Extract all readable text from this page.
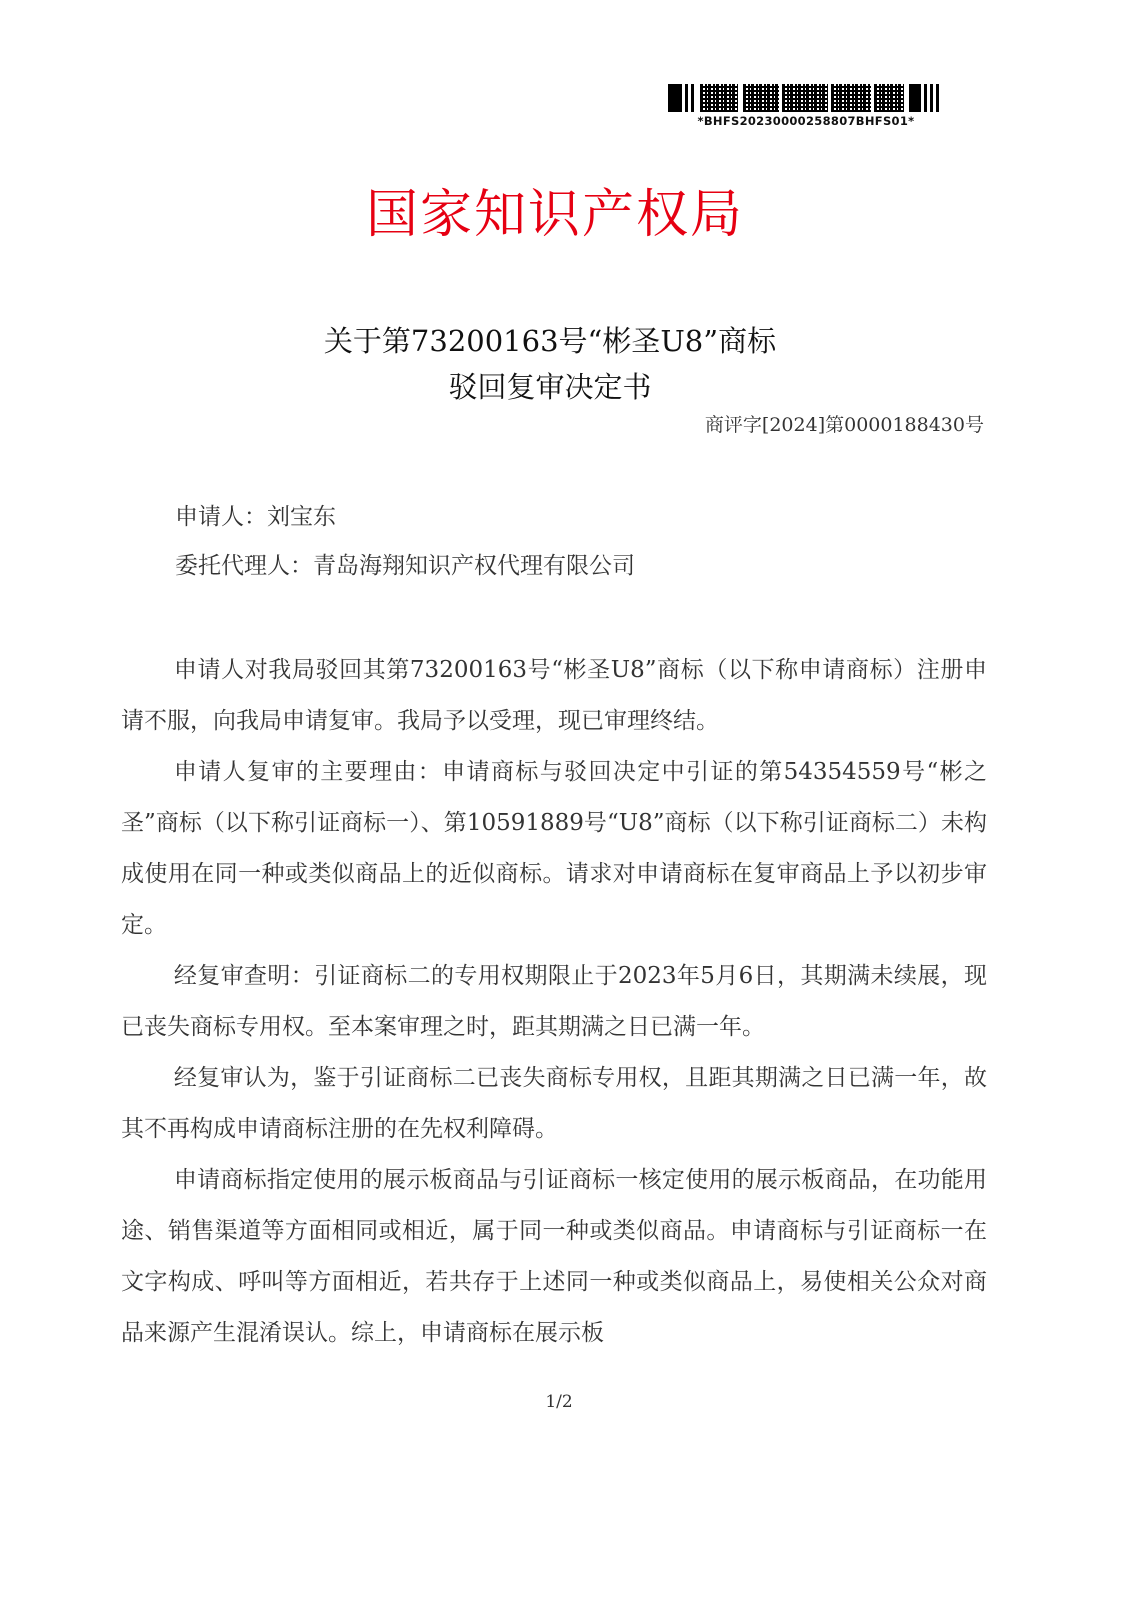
*BHFS20230000258807BHFS01*
国家知识产权局
关于第73200163号“彬圣U8”商标
驳回复审决定书
商评字[2024]第0000188430号
申请人：刘宝东
委托代理人：青岛海翔知识产权代理有限公司

申请人对我局驳回其第73200163号“彬圣U8”商标（以下称申请商标）注册申请不服，向我局申请复审。我局予以受理，现已审理终结。

申请人复审的主要理由：申请商标与驳回决定中引证的第54354559号“彬之圣”商标（以下称引证商标一）、第10591889号“U8”商标（以下称引证商标二）未构成使用在同一种或类似商品上的近似商标。请求对申请商标在复审商品上予以初步审定。

经复审查明：引证商标二的专用权期限止于2023年5月6日，其期满未续展，现已丧失商标专用权。至本案审理之时，距其期满之日已满一年。

经复审认为，鉴于引证商标二已丧失商标专用权，且距其期满之日已满一年，故其不再构成申请商标注册的在先权利障碍。

申请商标指定使用的展示板商品与引证商标一核定使用的展示板商品，在功能用途、销售渠道等方面相同或相近，属于同一种或类似商品。申请商标与引证商标一在文字构成、呼叫等方面相近，若共存于上述同一种或类似商品上，易使相关公众对商品来源产生混淆误认。综上，申请商标在展示板

1/2
